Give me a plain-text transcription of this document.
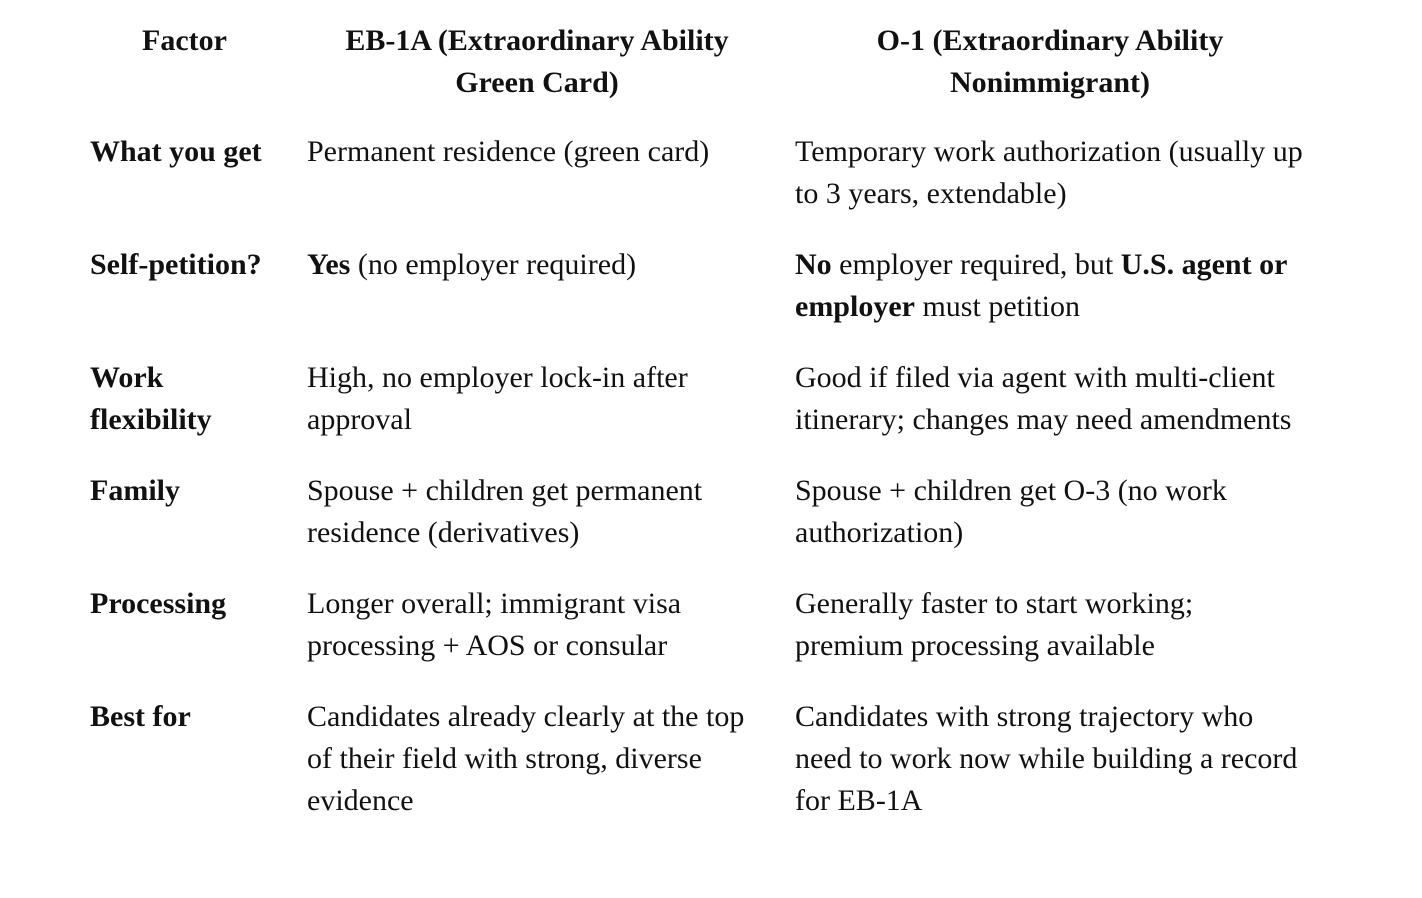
Factor	EB-1A (Extraordinary Ability Green Card)	O-1 (Extraordinary Ability Nonimmigrant)
What you get	Permanent residence (green card)	Temporary work authorization (usually up to 3 years, extendable)
Self-petition?	Yes (no employer required)	No employer required, but U.S. agent or employer must petition
Work flexibility	High, no employer lock-in after approval	Good if filed via agent with multi-client itinerary; changes may need amendments
Family	Spouse + children get permanent residence (derivatives)	Spouse + children get O-3 (no work authorization)
Processing	Longer overall; immigrant visa processing + AOS or consular	Generally faster to start working; premium processing available
Best for	Candidates already clearly at the top of their field with strong, diverse evidence	Candidates with strong trajectory who need to work now while building a record for EB-1A
